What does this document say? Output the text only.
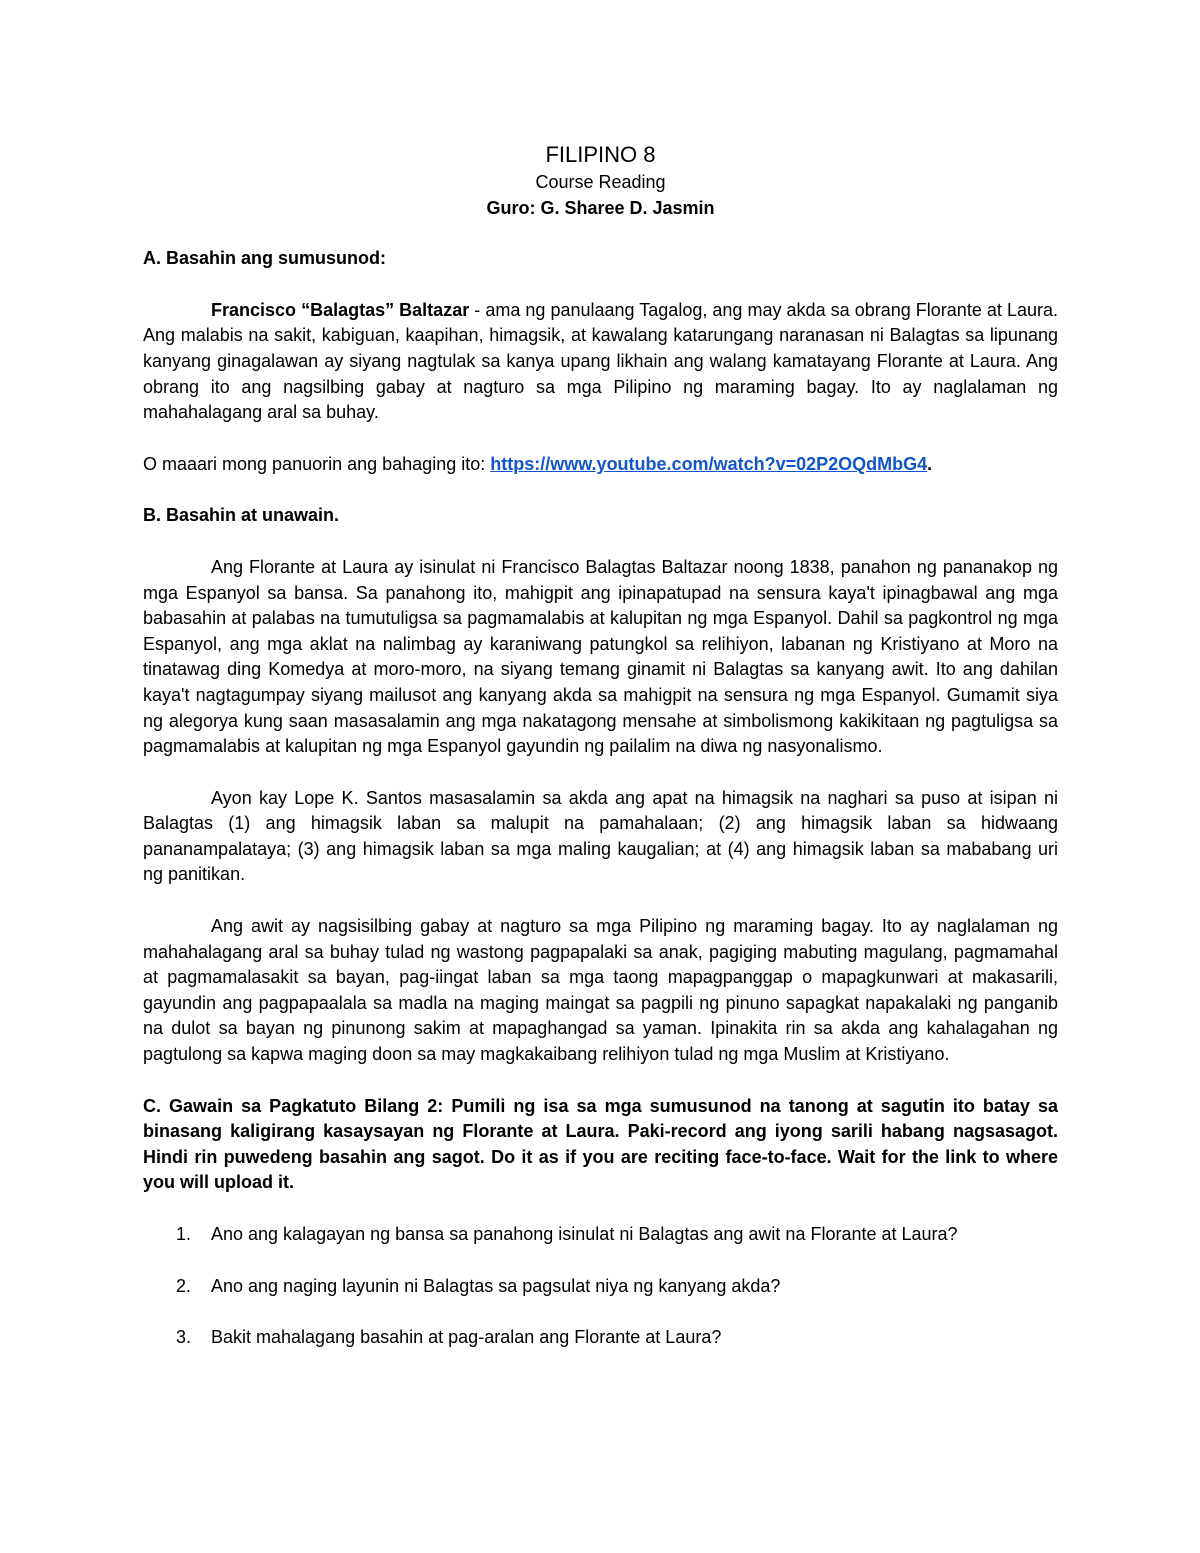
FILIPINO 8

Course Reading

Guro: G. Sharee D. Jasmin

A. Basahin ang sumusunod:

Francisco “Balagtas” Baltazar - ama ng panulaang Tagalog, ang may akda sa obrang Florante at Laura. Ang malabis na sakit, kabiguan, kaapihan, himagsik, at kawalang katarungang naranasan ni Balagtas sa lipunang kanyang ginagalawan ay siyang nagtulak sa kanya upang likhain ang walang kamatayang Florante at Laura. Ang obrang ito ang nagsilbing gabay at nagturo sa mga Pilipino ng maraming bagay. Ito ay naglalaman ng mahahalagang aral sa buhay.

O maaari mong panuorin ang bahaging ito: https://www.youtube.com/watch?v=02P2OQdMbG4.

B. Basahin at unawain.

Ang Florante at Laura ay isinulat ni Francisco Balagtas Baltazar noong 1838, panahon ng pananakop ng mga Espanyol sa bansa. Sa panahong ito, mahigpit ang ipinapatupad na sensura kaya't ipinagbawal ang mga babasahin at palabas na tumutuligsa sa pagmamalabis at kalupitan ng mga Espanyol. Dahil sa pagkontrol ng mga Espanyol, ang mga aklat na nalimbag ay karaniwang patungkol sa relihiyon, labanan ng Kristiyano at Moro na tinatawag ding Komedya at moro-moro, na siyang temang ginamit ni Balagtas sa kanyang awit. Ito ang dahilan kaya't nagtagumpay siyang mailusot ang kanyang akda sa mahigpit na sensura ng mga Espanyol. Gumamit siya ng alegorya kung saan masasalamin ang mga nakatagong mensahe at simbolismong kakikitaan ng pagtuligsa sa pagmamalabis at kalupitan ng mga Espanyol gayundin ng pailalim na diwa ng nasyonalismo.

Ayon kay Lope K. Santos masasalamin sa akda ang apat na himagsik na naghari sa puso at isipan ni Balagtas (1) ang himagsik laban sa malupit na pamahalaan; (2) ang himagsik laban sa hidwaang pananampalataya; (3) ang himagsik laban sa mga maling kaugalian; at (4) ang himagsik laban sa mababang uri ng panitikan.

Ang awit ay nagsisilbing gabay at nagturo sa mga Pilipino ng maraming bagay. Ito ay naglalaman ng mahahalagang aral sa buhay tulad ng wastong pagpapalaki sa anak, pagiging mabuting magulang, pagmamahal at pagmamalasakit sa bayan, pag-iingat laban sa mga taong mapagpanggap o mapagkunwari at makasarili, gayundin ang pagpapaalala sa madla na maging maingat sa pagpili ng pinuno sapagkat napakalaki ng panganib na dulot sa bayan ng pinunong sakim at mapaghangad sa yaman. Ipinakita rin sa akda ang kahalagahan ng pagtulong sa kapwa maging doon sa may magkakaibang relihiyon tulad ng mga Muslim at Kristiyano.

C. Gawain sa Pagkatuto Bilang 2: Pumili ng isa sa mga sumusunod na tanong at sagutin ito batay sa binasang kaligirang kasaysayan ng Florante at Laura. Paki-record ang iyong sarili habang nagsasagot. Hindi rin puwedeng basahin ang sagot. Do it as if you are reciting face-to-face. Wait for the link to where you will upload it.

1. Ano ang kalagayan ng bansa sa panahong isinulat ni Balagtas ang awit na Florante at Laura?
2. Ano ang naging layunin ni Balagtas sa pagsulat niya ng kanyang akda?
3. Bakit mahalagang basahin at pag-aralan ang Florante at Laura?
